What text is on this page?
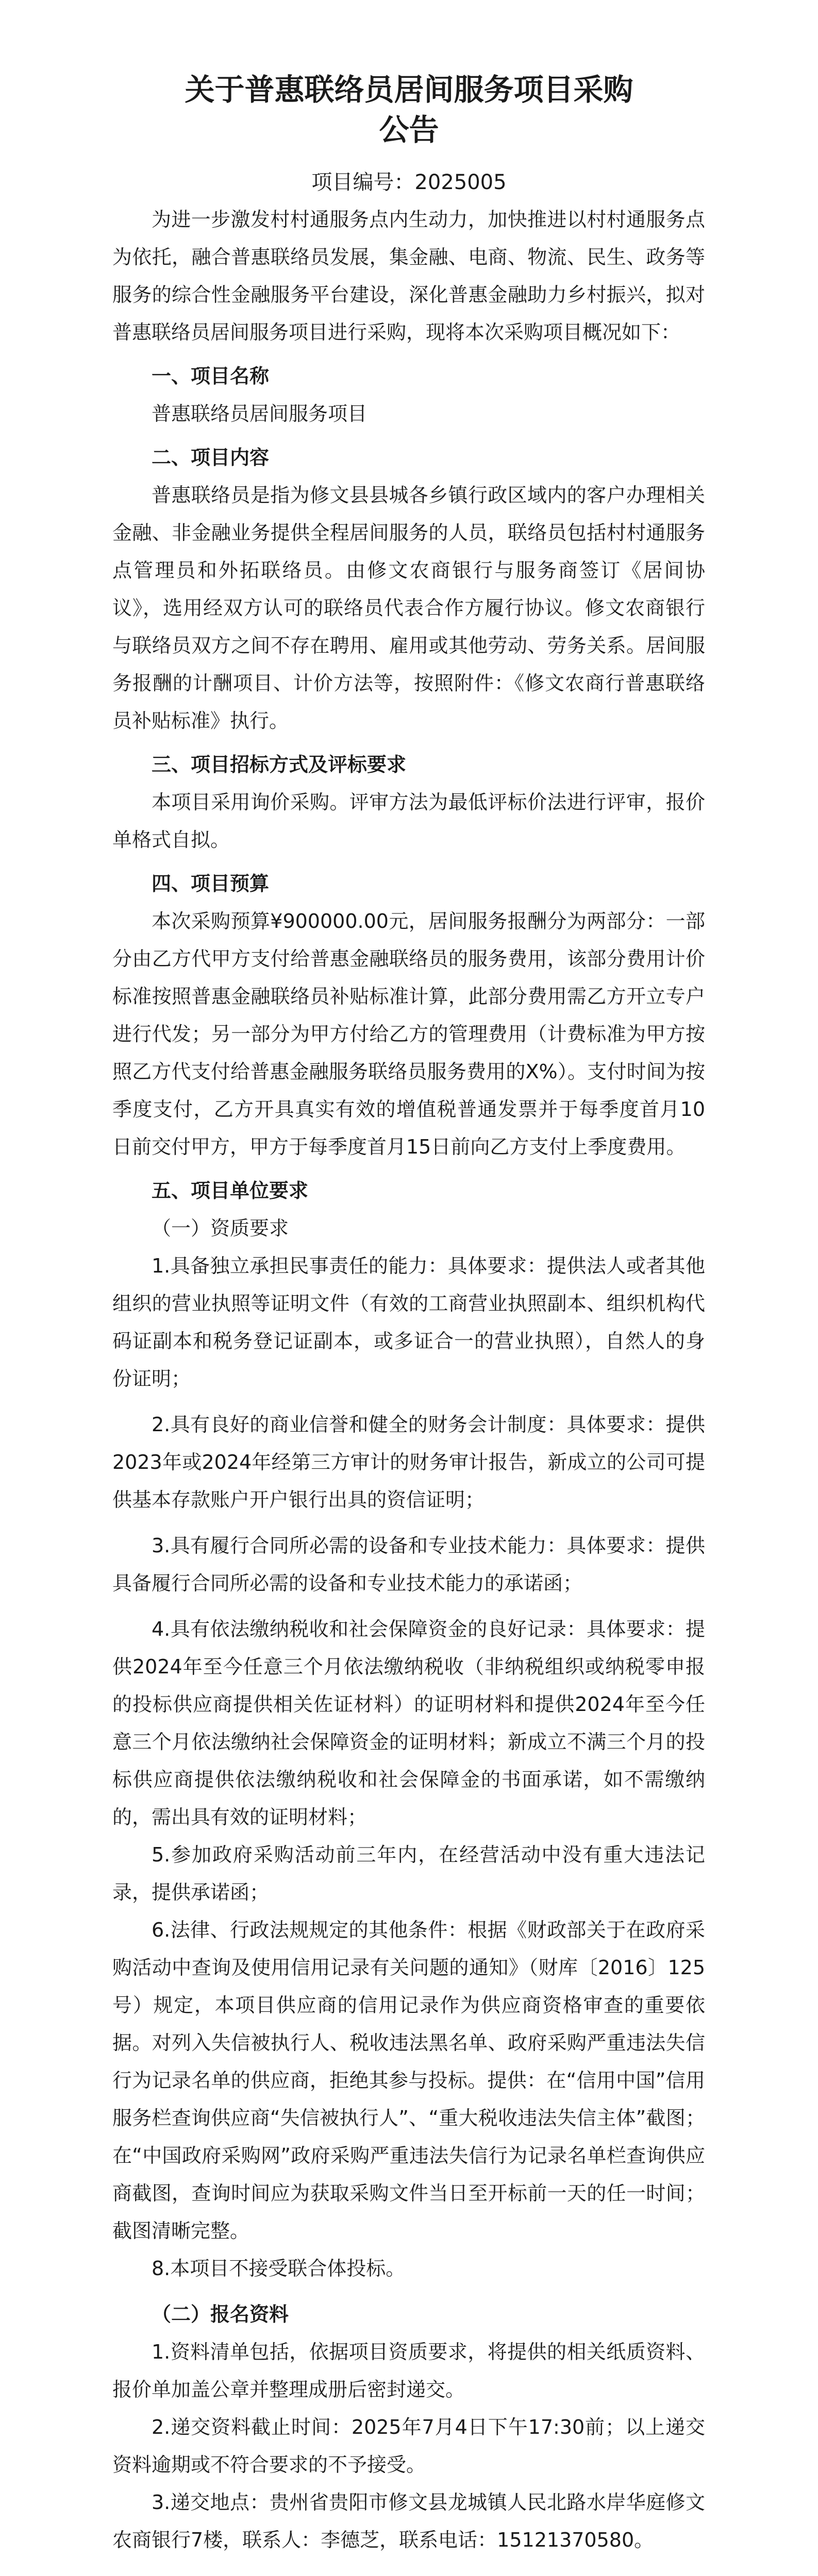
关于普惠联络员居间服务项目采购
公告
项目编号：2025005

为进一步激发村村通服务点内生动力，加快推进以村村通服务点为依托，融合普惠联络员发展，集金融、电商、物流、民生、政务等服务的综合性金融服务平台建设，深化普惠金融助力乡村振兴，拟对普惠联络员居间服务项目进行采购，现将本次采购项目概况如下：

一、项目名称

普惠联络员居间服务项目

二、项目内容

普惠联络员是指为修文县县城各乡镇行政区域内的客户办理相关金融、非金融业务提供全程居间服务的人员，联络员包括村村通服务点管理员和外拓联络员。由修文农商银行与服务商签订《居间协议》，选用经双方认可的联络员代表合作方履行协议。修文农商银行与联络员双方之间不存在聘用、雇用或其他劳动、劳务关系。居间服务报酬的计酬项目、计价方法等，按照附件：《修文农商行普惠联络员补贴标准》执行。

三、项目招标方式及评标要求

本项目采用询价采购。评审方法为最低评标价法进行评审，报价单格式自拟。

四、项目预算

本次采购预算¥900000.00元，居间服务报酬分为两部分：一部分由乙方代甲方支付给普惠金融联络员的服务费用，该部分费用计价标准按照普惠金融联络员补贴标准计算，此部分费用需乙方开立专户进行代发；另一部分为甲方付给乙方的管理费用（计费标准为甲方按照乙方代支付给普惠金融服务联络员服务费用的X%）。支付时间为按季度支付，乙方开具真实有效的增值税普通发票并于每季度首月10日前交付甲方，甲方于每季度首月15日前向乙方支付上季度费用。

五、项目单位要求

（一）资质要求

1.具备独立承担民事责任的能力：具体要求：提供法人或者其他组织的营业执照等证明文件（有效的工商营业执照副本、组织机构代码证副本和税务登记证副本，或多证合一的营业执照），自然人的身份证明；

2.具有良好的商业信誉和健全的财务会计制度：具体要求：提供2023年或2024年经第三方审计的财务审计报告，新成立的公司可提供基本存款账户开户银行出具的资信证明；

3.具有履行合同所必需的设备和专业技术能力：具体要求：提供具备履行合同所必需的设备和专业技术能力的承诺函；

4.具有依法缴纳税收和社会保障资金的良好记录：具体要求：提供2024年至今任意三个月依法缴纳税收（非纳税组织或纳税零申报的投标供应商提供相关佐证材料）的证明材料和提供2024年至今任意三个月依法缴纳社会保障资金的证明材料；新成立不满三个月的投标供应商提供依法缴纳税收和社会保障金的书面承诺，如不需缴纳的，需出具有效的证明材料；

5.参加政府采购活动前三年内，在经营活动中没有重大违法记录，提供承诺函；

6.法律、行政法规规定的其他条件：根据《财政部关于在政府采购活动中查询及使用信用记录有关问题的通知》（财库〔2016〕125号）规定，本项目供应商的信用记录作为供应商资格审查的重要依据。对列入失信被执行人、税收违法黑名单、政府采购严重违法失信行为记录名单的供应商，拒绝其参与投标。提供：在“信用中国”信用服务栏查询供应商“失信被执行人”、“重大税收违法失信主体”截图；在“中国政府采购网”政府采购严重违法失信行为记录名单栏查询供应商截图，查询时间应为获取采购文件当日至开标前一天的任一时间；截图清晰完整。

8.本项目不接受联合体投标。

（二）报名资料

1.资料清单包括，依据项目资质要求，将提供的相关纸质资料、报价单加盖公章并整理成册后密封递交。

2.递交资料截止时间：2025年7月4日下午17:30前；以上递交资料逾期或不符合要求的不予接受。

3.递交地点：贵州省贵阳市修文县龙城镇人民北路水岸华庭修文农商银行7楼，联系人：李德芝，联系电话：15121370580。
